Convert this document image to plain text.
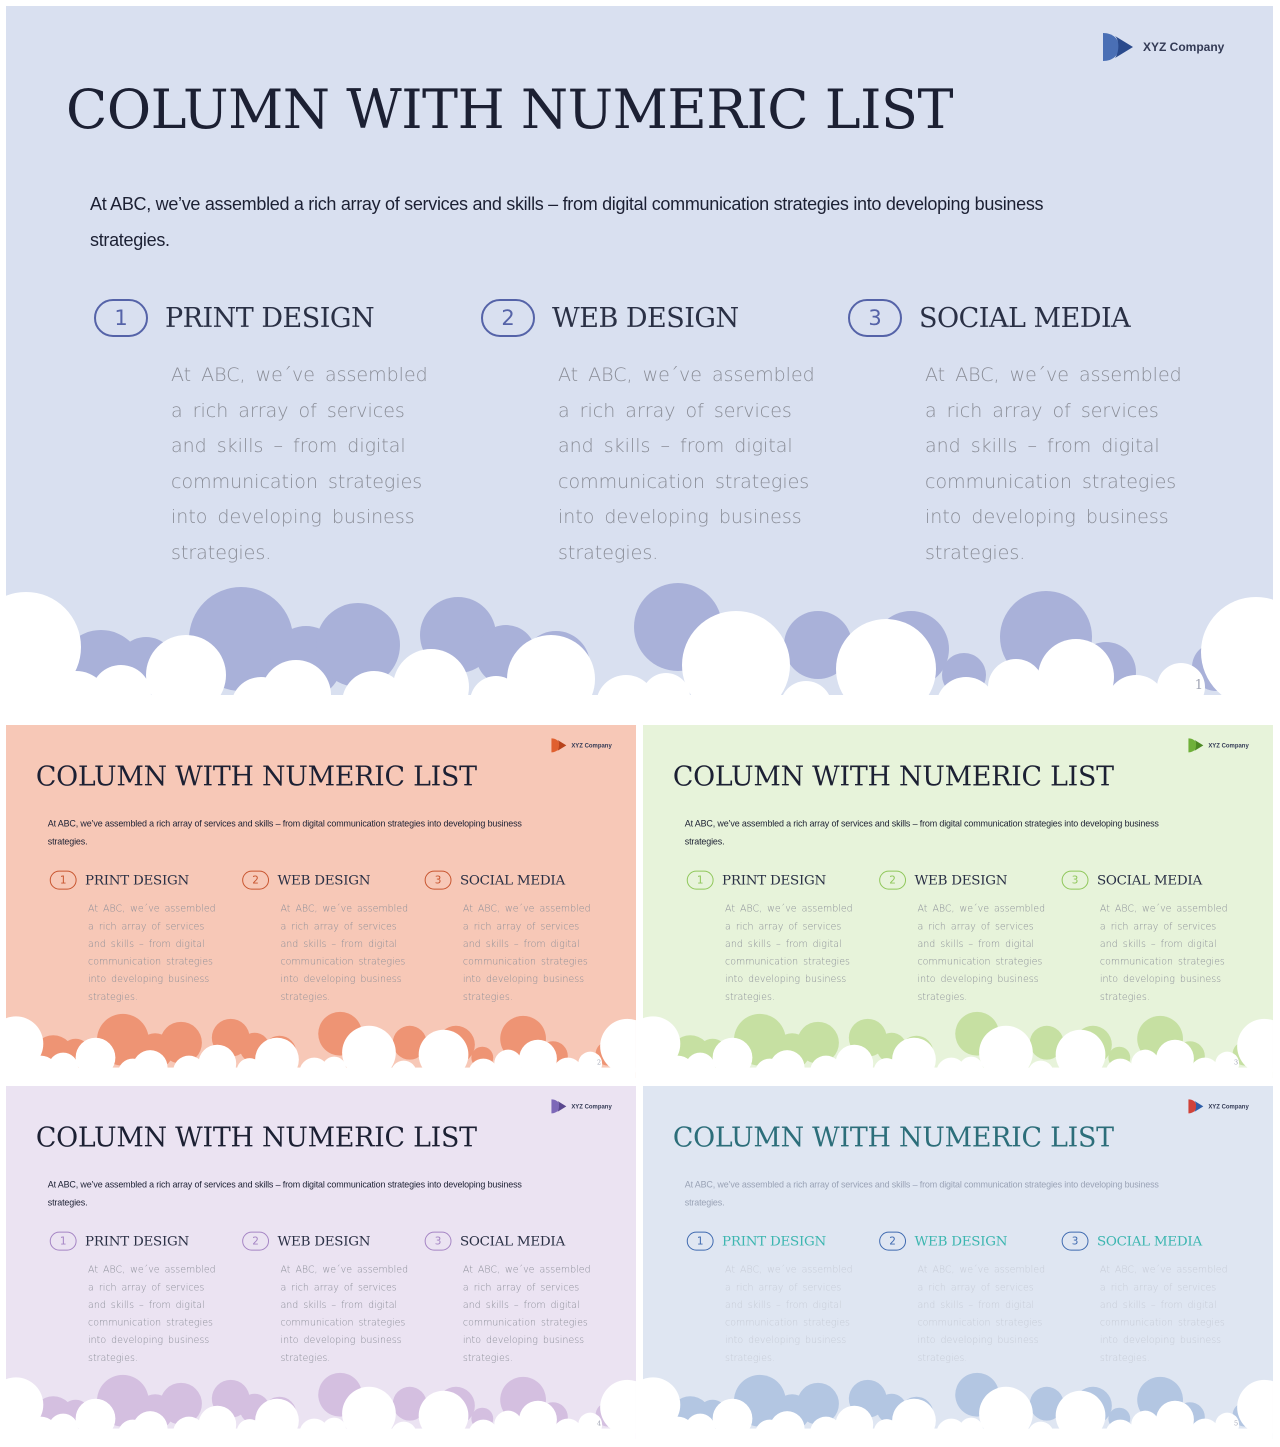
XYZ Company
COLUMN WITH NUMERIC LIST
At ABC, we’ve assembled a rich array of services and skills – from digital communication strategies into developing business strategies.
1	PRINT DESIGN
At ABC, we´ve assembled a rich array of services and skills – from digital communication strategies into developing business strategies.
2	WEB DESIGN
At ABC, we´ve assembled a rich array of services and skills – from digital communication strategies into developing business strategies.
3	SOCIAL MEDIA
At ABC, we´ve assembled a rich array of services and skills – from digital communication strategies into developing business strategies.
1
XYZ Company
COLUMN WITH NUMERIC LIST
At ABC, we’ve assembled a rich array of services and skills – from digital communication strategies into developing business strategies.
1 PRINT DESIGN
At ABC, we´ve assembled a rich array of services and skills – from digital communication strategies into developing business strategies.
2 WEB DESIGN
At ABC, we´ve assembled a rich array of services and skills – from digital communication strategies into developing business strategies.
3 SOCIAL MEDIA
At ABC, we´ve assembled a rich array of services and skills – from digital communication strategies into developing business strategies.
2
XYZ Company
COLUMN WITH NUMERIC LIST
At ABC, we’ve assembled a rich array of services and skills – from digital communication strategies into developing business strategies.
1 PRINT DESIGN
At ABC, we´ve assembled a rich array of services and skills – from digital communication strategies into developing business strategies.
2 WEB DESIGN
At ABC, we´ve assembled a rich array of services and skills – from digital communication strategies into developing business strategies.
3 SOCIAL MEDIA
At ABC, we´ve assembled a rich array of services and skills – from digital communication strategies into developing business strategies.
3
XYZ Company
COLUMN WITH NUMERIC LIST
At ABC, we’ve assembled a rich array of services and skills – from digital communication strategies into developing business strategies.
1 PRINT DESIGN
At ABC, we´ve assembled a rich array of services and skills – from digital communication strategies into developing business strategies.
2 WEB DESIGN
At ABC, we´ve assembled a rich array of services and skills – from digital communication strategies into developing business strategies.
3 SOCIAL MEDIA
At ABC, we´ve assembled a rich array of services and skills – from digital communication strategies into developing business strategies.
4
XYZ Company
COLUMN WITH NUMERIC LIST
At ABC, we’ve assembled a rich array of services and skills – from digital communication strategies into developing business strategies.
1 PRINT DESIGN
At ABC, we´ve assembled a rich array of services and skills – from digital communication strategies into developing business strategies.
2 WEB DESIGN
At ABC, we´ve assembled a rich array of services and skills – from digital communication strategies into developing business strategies.
3 SOCIAL MEDIA
At ABC, we´ve assembled a rich array of services and skills – from digital communication strategies into developing business strategies.
5
